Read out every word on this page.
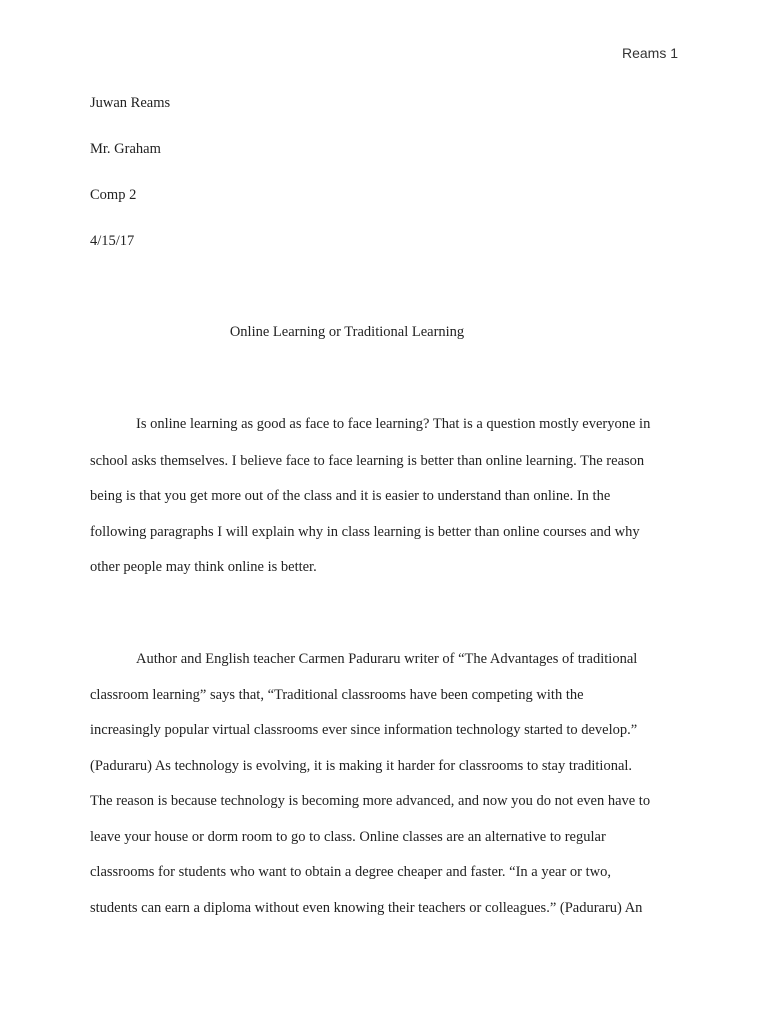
Reams 1
Juwan Reams
Mr. Graham
Comp 2
4/15/17
Online Learning or Traditional Learning
Is online learning as good as face to face learning? That is a question mostly everyone in
school asks themselves. I believe face to face learning is better than online learning. The reason
being is that you get more out of the class and it is easier to understand than online. In the
following paragraphs I will explain why in class learning is better than online courses and why
other people may think online is better.
Author and English teacher Carmen Paduraru writer of “The Advantages of traditional
classroom learning” says that, “Traditional classrooms have been competing with the
increasingly popular virtual classrooms ever since information technology started to develop.”
(Paduraru) As technology is evolving, it is making it harder for classrooms to stay traditional.
The reason is because technology is becoming more advanced, and now you do not even have to
leave your house or dorm room to go to class. Online classes are an alternative to regular
classrooms for students who want to obtain a degree cheaper and faster. “In a year or two,
students can earn a diploma without even knowing their teachers or colleagues.” (Paduraru) An
